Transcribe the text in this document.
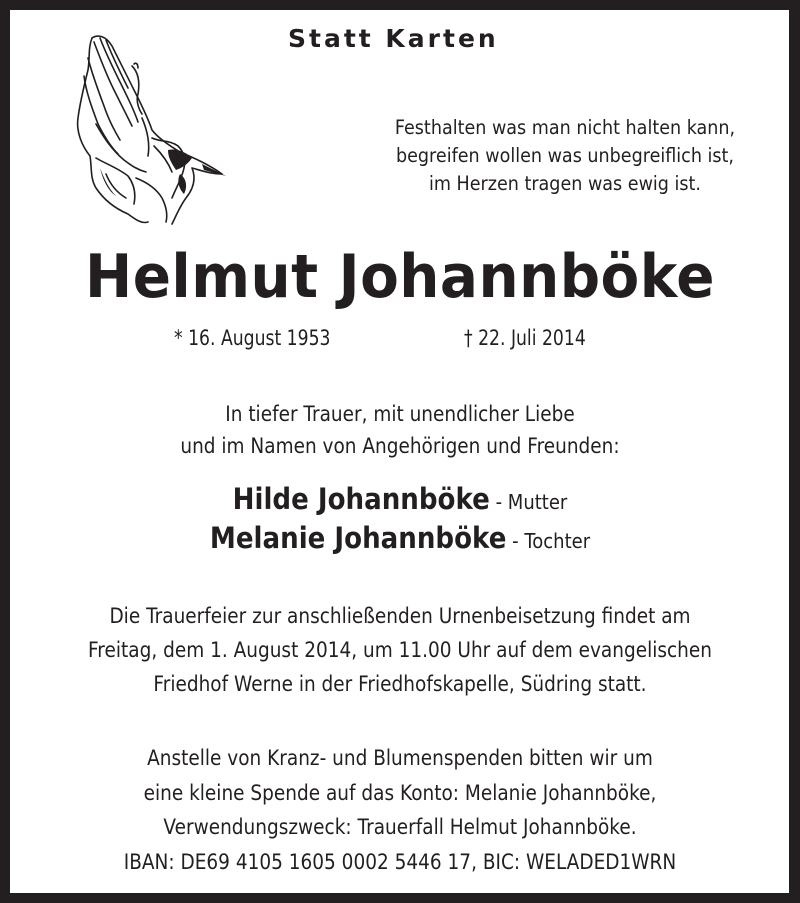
Statt Karten
Festhalten was man nicht halten kann,
begreifen wollen was unbegreiflich ist,
im Herzen tragen was ewig ist.
Helmut Johannböke
* 16. August 1953	† 22. Juli 2014
In tiefer Trauer, mit unendlicher Liebe
und im Namen von Angehörigen und Freunden:
Hilde Johannböke - Mutter
Melanie Johannböke - Tochter
Die Trauerfeier zur anschließenden Urnenbeisetzung findet am
Freitag, dem 1. August 2014, um 11.00 Uhr auf dem evangelischen
Friedhof Werne in der Friedhofskapelle, Südring statt.
Anstelle von Kranz- und Blumenspenden bitten wir um
eine kleine Spende auf das Konto: Melanie Johannböke,
Verwendungszweck: Trauerfall Helmut Johannböke.
IBAN: DE69 4105 1605 0002 5446 17, BIC: WELADED1WRN
